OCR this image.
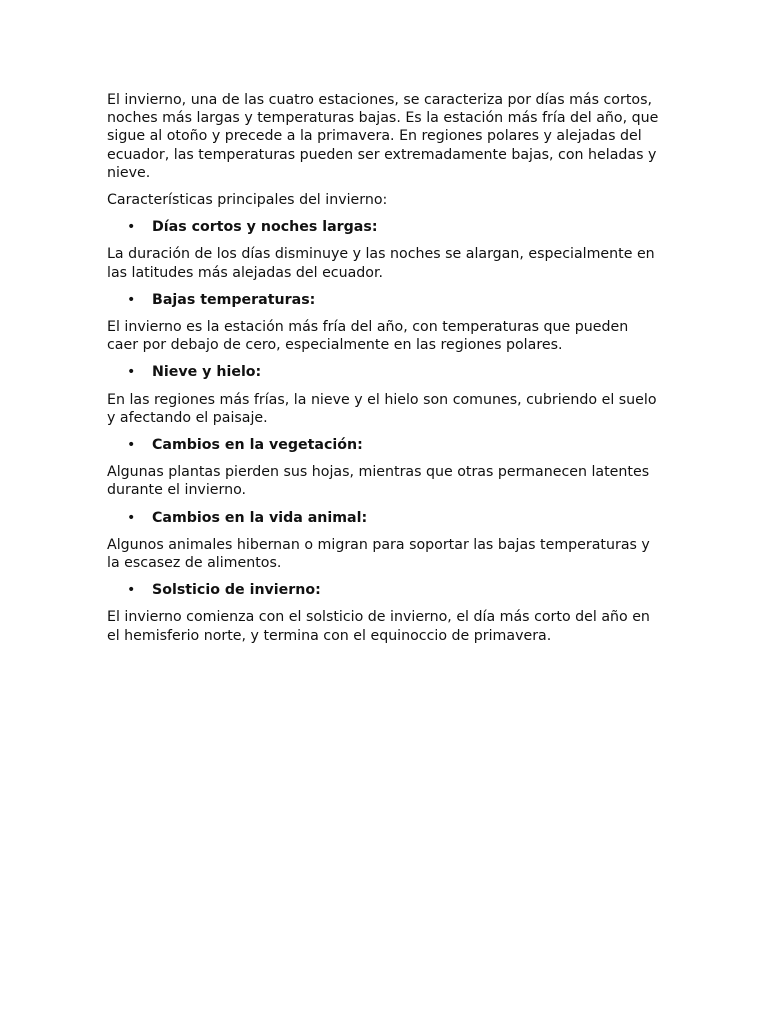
El invierno, una de las cuatro estaciones, se caracteriza por días más cortos, noches más largas y temperaturas bajas. Es la estación más fría del año, que sigue al otoño y precede a la primavera. En regiones polares y alejadas del ecuador, las temperaturas pueden ser extremadamente bajas, con heladas y nieve.

Características principales del invierno:

•	Días cortos y noches largas:

La duración de los días disminuye y las noches se alargan, especialmente en las latitudes más alejadas del ecuador.

•	Bajas temperaturas:

El invierno es la estación más fría del año, con temperaturas que pueden caer por debajo de cero, especialmente en las regiones polares.

•	Nieve y hielo:

En las regiones más frías, la nieve y el hielo son comunes, cubriendo el suelo y afectando el paisaje.

•	Cambios en la vegetación:

Algunas plantas pierden sus hojas, mientras que otras permanecen latentes durante el invierno.

•	Cambios en la vida animal:

Algunos animales hibernan o migran para soportar las bajas temperaturas y la escasez de alimentos.

•	Solsticio de invierno:

El invierno comienza con el solsticio de invierno, el día más corto del año en el hemisferio norte, y termina con el equinoccio de primavera.
